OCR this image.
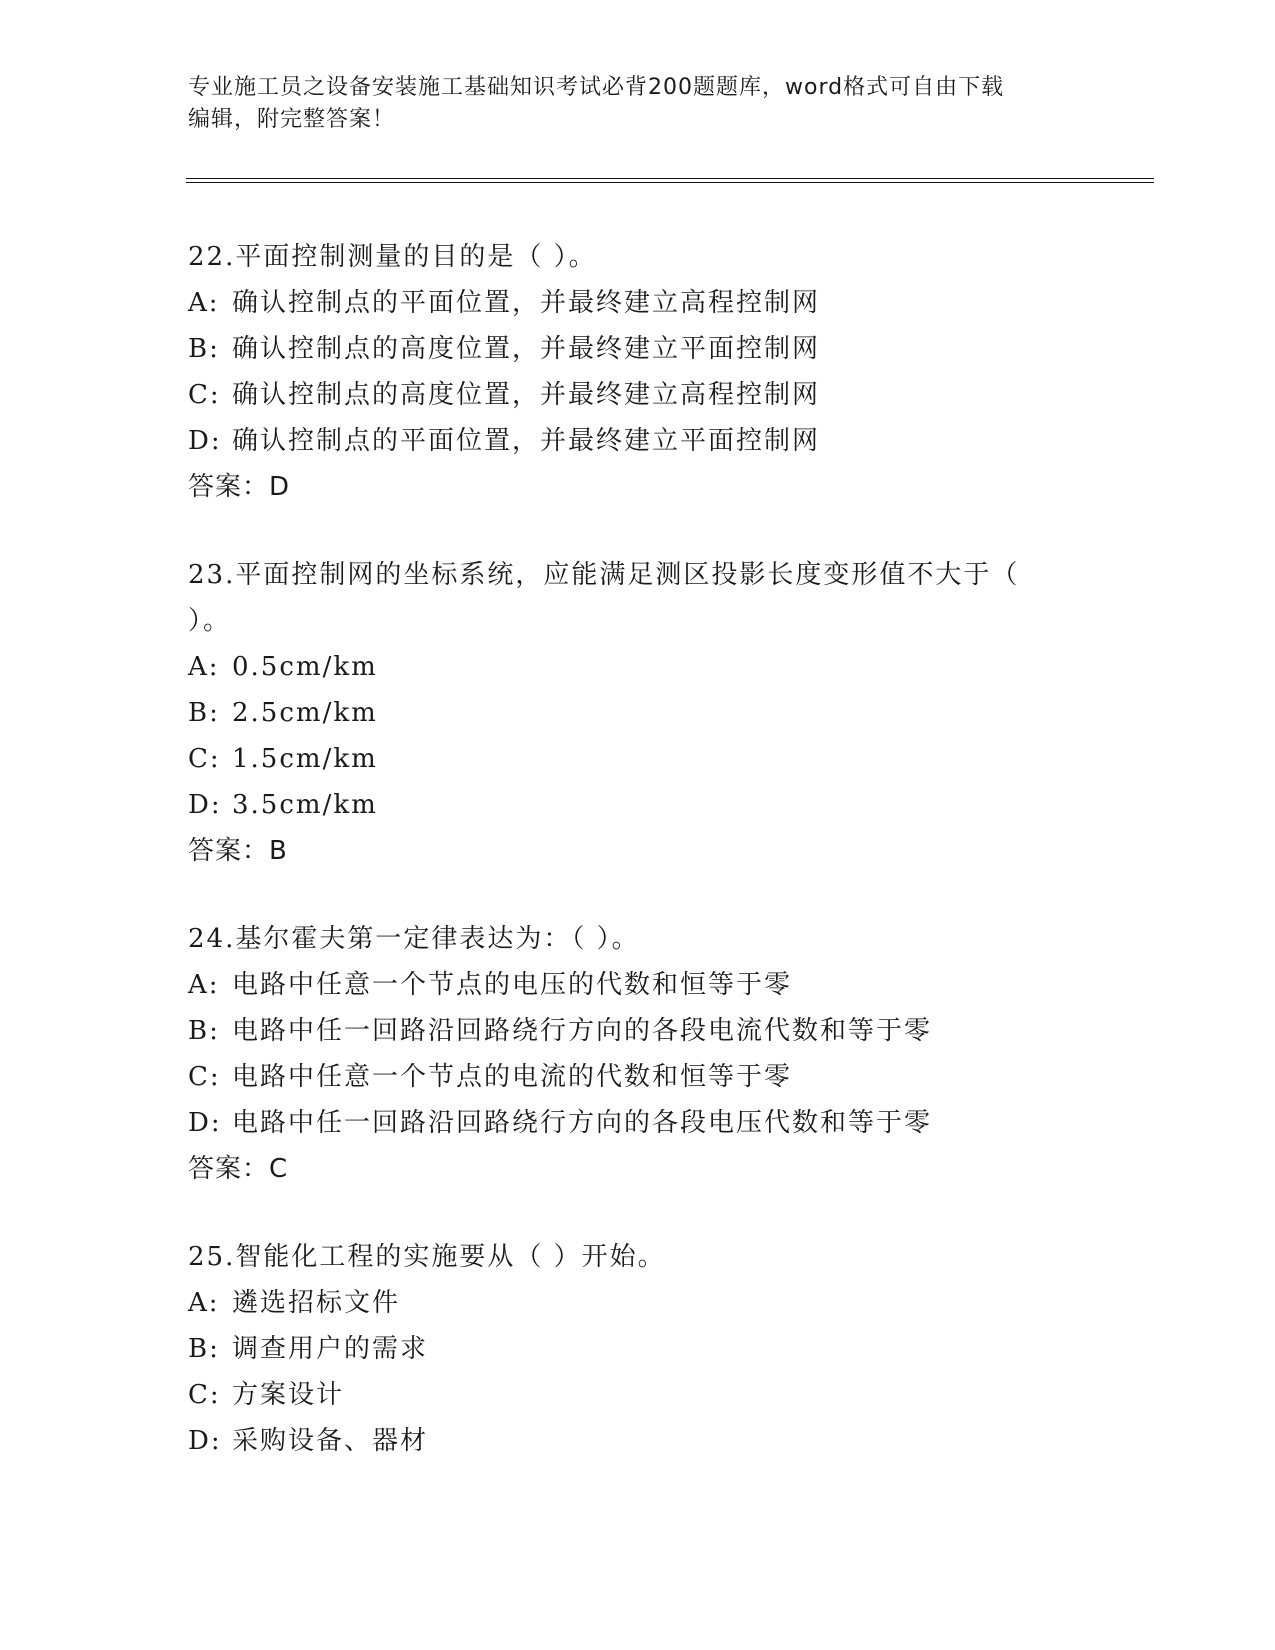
专业施工员之设备安装施工基础知识考试必背200题题库，word格式可自由下载
编辑，附完整答案！
22.平面控制测量的目的是（ ）。
A: 确认控制点的平面位置，并最终建立高程控制网
B: 确认控制点的高度位置，并最终建立平面控制网
C: 确认控制点的高度位置，并最终建立高程控制网
D: 确认控制点的平面位置，并最终建立平面控制网
答案：D
23.平面控制网的坐标系统，应能满足测区投影长度变形值不大于（
）。
A: 0.5cm/km
B: 2.5cm/km
C: 1.5cm/km
D: 3.5cm/km
答案：B
24.基尔霍夫第一定律表达为：（ ）。
A: 电路中任意一个节点的电压的代数和恒等于零
B: 电路中任一回路沿回路绕行方向的各段电流代数和等于零
C: 电路中任意一个节点的电流的代数和恒等于零
D: 电路中任一回路沿回路绕行方向的各段电压代数和等于零
答案：C
25.智能化工程的实施要从（ ）开始。
A: 遴选招标文件
B: 调查用户的需求
C: 方案设计
D: 采购设备、器材
